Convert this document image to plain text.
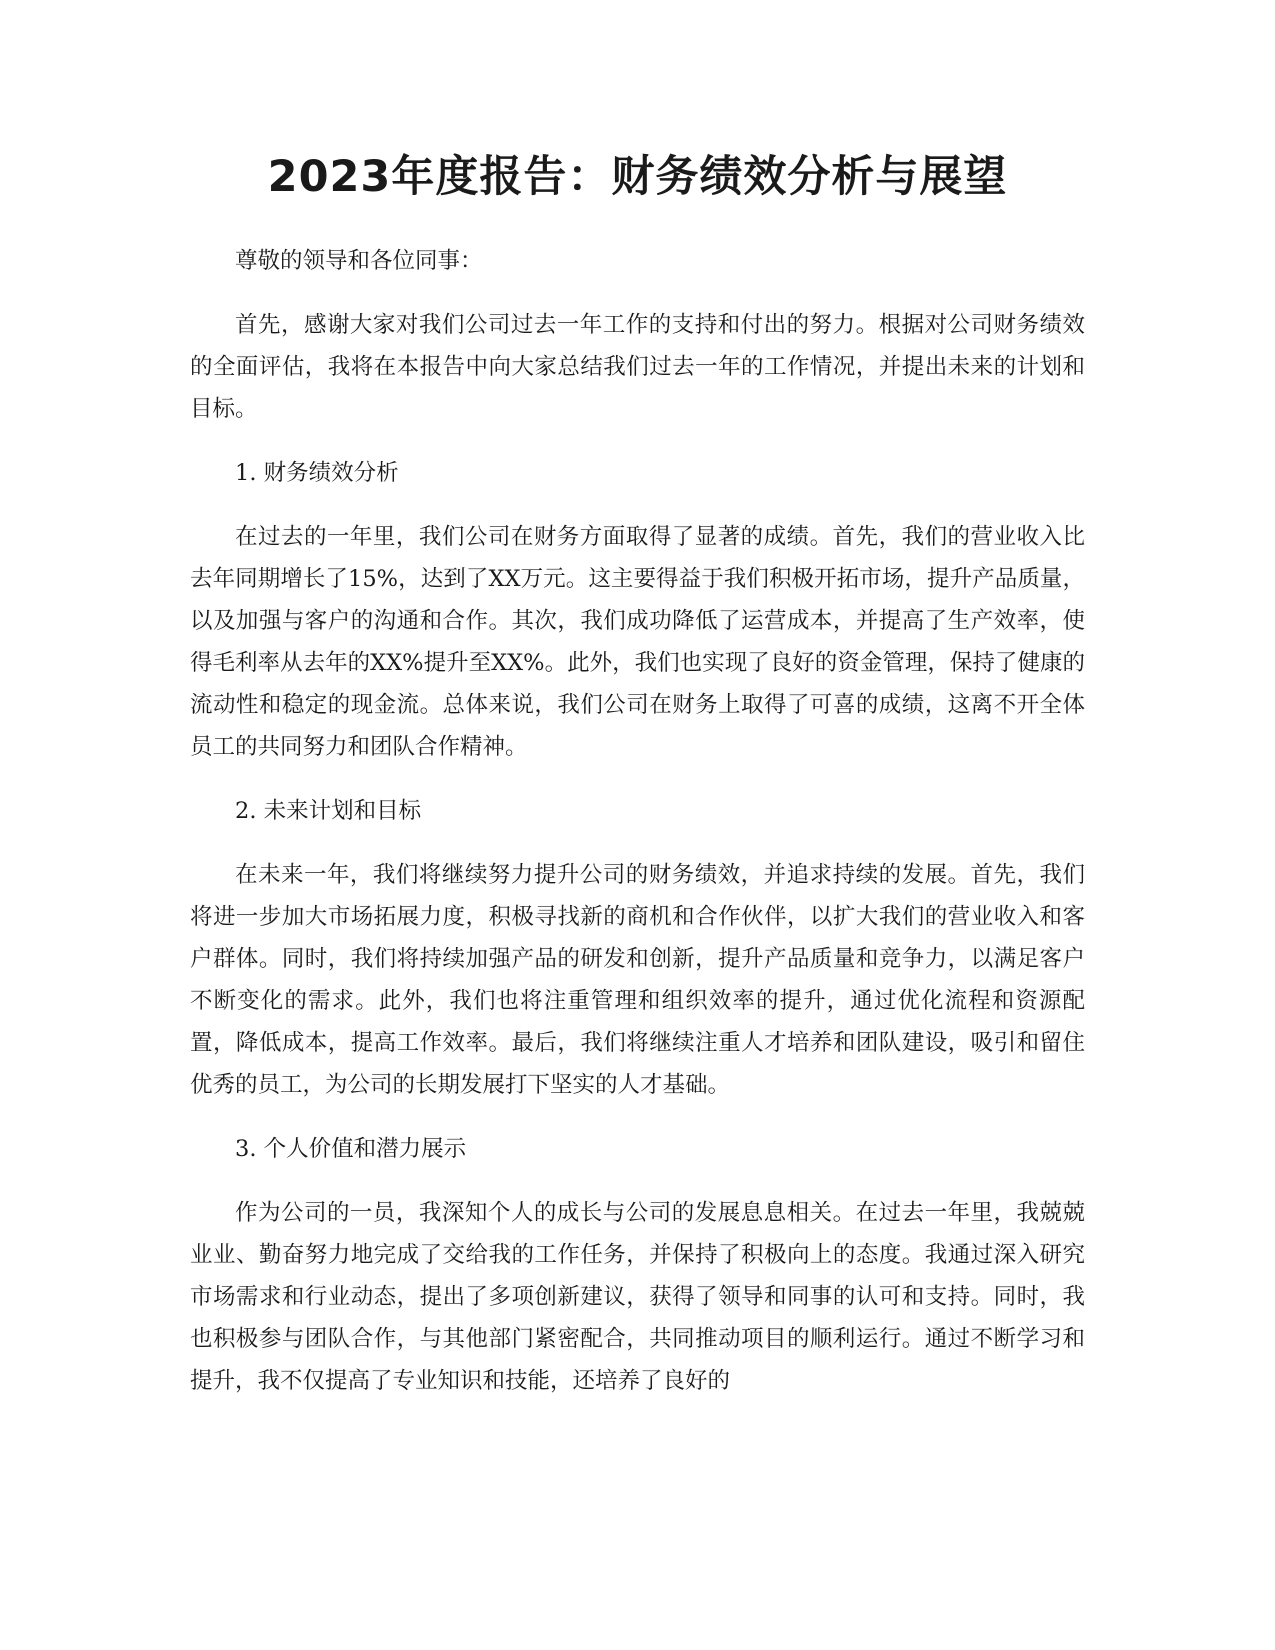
2023年度报告：财务绩效分析与展望

尊敬的领导和各位同事：

首先，感谢大家对我们公司过去一年工作的支持和付出的努力。根据对公司财务绩效的全面评估，我将在本报告中向大家总结我们过去一年的工作情况，并提出未来的计划和目标。

1. 财务绩效分析

在过去的一年里，我们公司在财务方面取得了显著的成绩。首先，我们的营业收入比去年同期增长了15%，达到了XX万元。这主要得益于我们积极开拓市场，提升产品质量，以及加强与客户的沟通和合作。其次，我们成功降低了运营成本，并提高了生产效率，使得毛利率从去年的XX%提升至XX%。此外，我们也实现了良好的资金管理，保持了健康的流动性和稳定的现金流。总体来说，我们公司在财务上取得了可喜的成绩，这离不开全体员工的共同努力和团队合作精神。

2. 未来计划和目标

在未来一年，我们将继续努力提升公司的财务绩效，并追求持续的发展。首先，我们将进一步加大市场拓展力度，积极寻找新的商机和合作伙伴，以扩大我们的营业收入和客户群体。同时，我们将持续加强产品的研发和创新，提升产品质量和竞争力，以满足客户不断变化的需求。此外，我们也将注重管理和组织效率的提升，通过优化流程和资源配置，降低成本，提高工作效率。最后，我们将继续注重人才培养和团队建设，吸引和留住优秀的员工，为公司的长期发展打下坚实的人才基础。

3. 个人价值和潜力展示

作为公司的一员，我深知个人的成长与公司的发展息息相关。在过去一年里，我兢兢业业、勤奋努力地完成了交给我的工作任务，并保持了积极向上的态度。我通过深入研究市场需求和行业动态，提出了多项创新建议，获得了领导和同事的认可和支持。同时，我也积极参与团队合作，与其他部门紧密配合，共同推动项目的顺利运行。通过不断学习和提升，我不仅提高了专业知识和技能，还培养了良好的
